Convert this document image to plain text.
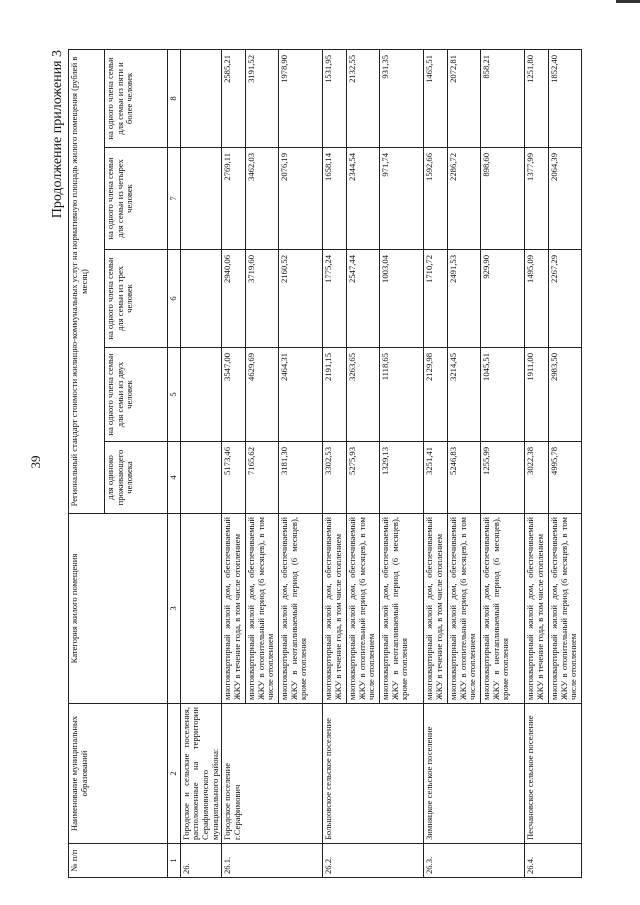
39
Продолжение приложения 3
№ п/п	Наименование муниципальных образований	Категория жилого помещения	Региональный стандарт стоимости жилищно-коммунальных услуг на нормативную площадь жилого помещения (рублей в месяц)				
			для одиноко проживающего человека	на одного члена семьи для семьи из двух человек	на одного члена семьи для семьи из трех человек	на одного члена семьи для семьи из четырех человек	на одного члена семьи для семьи из пяти и более человек
1	2	3	4	5	6	7	8
26.	Городское и сельские поселения, расположенные на территории Серафимовичского муниципального района:						
26.1.	Городское поселение г.Серафимович	многоквартирный жилой дом, обеспечиваемый ЖКУ в течение года, в том числе отоплением	5173,46	3547,00	2940,06	2769,11	2585,21
		многоквартирный жилой дом, обеспечиваемый ЖКУ в отопительный период (6 месяцев), в том числе отоплением	7165,62	4629,69	3719,60	3462,03	3191,52
		многоквартирный жилой дом, обеспечиваемый ЖКУ в неотапливаемый период (6 месяцев), кроме отопления	3181,30	2464,31	2160,52	2076,19	1978,90
26.2.	Большовское сельское поселение	многоквартирный жилой дом, обеспечиваемый ЖКУ в течение года, в том числе отоплением	3302,53	2191,15	1775,24	1658,14	1531,95
		многоквартирный жилой дом, обеспечиваемый ЖКУ в отопительный период (6 месяцев), в том числе отоплением	5275,93	3263,65	2547,44	2344,54	2132,55
		многоквартирный жилой дом, обеспечиваемый ЖКУ в неотапливаемый период (6 месяцев), кроме отопления	1329,13	1118,65	1003,04	971,74	931,35
26.3.	Зимняцкое сельское поселение	многоквартирный жилой дом, обеспечиваемый ЖКУ в течение года, в том числе отоплением	3251,41	2129,98	1710,72	1592,66	1465,51
		многоквартирный жилой дом, обеспечиваемый ЖКУ в отопительный период (6 месяцев), в том числе отоплением	5246,83	3214,45	2491,53	2286,72	2072,81
		многоквартирный жилой дом, обеспечиваемый ЖКУ в неотапливаемый период (6 месяцев), кроме отопления	1255,99	1045,51	929,90	898,60	858,21
26.4.	Песчановское сельское поселение	многоквартирный жилой дом, обеспечиваемый ЖКУ в течение года, в том числе отоплением	3022,38	1911,00	1495,09	1377,99	1251,80
		многоквартирный жилой дом, обеспечиваемый ЖКУ в отопительный период (6 месяцев), в том числе отоплением	4995,78	2983,50	2267,29	2064,39	1852,40
